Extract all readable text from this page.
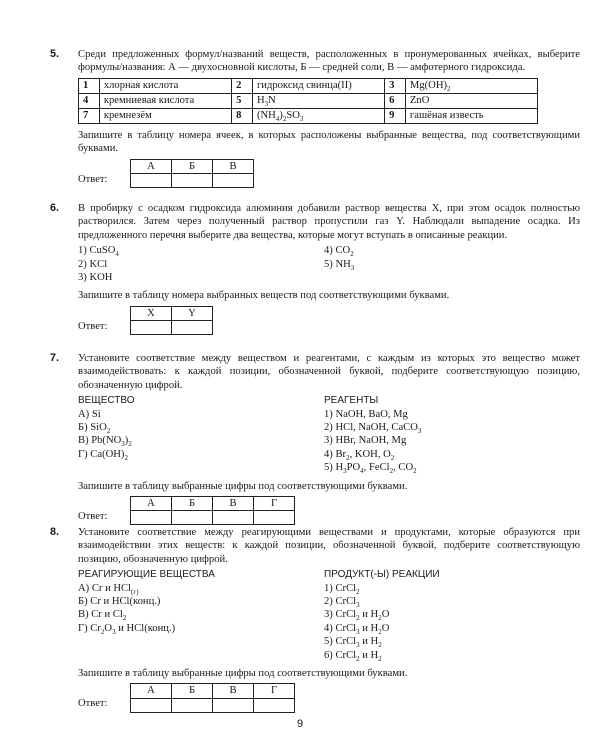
5. Среди предложенных формул/названий веществ, расположенных в пронумерованных ячейках, выберите формулы/названия: А — двухосновной кислоты, Б — средней соли, В — амфотерного гидроксида.

1	хлорная кислота	2	гидроксид свинца(II)	3	$Mg(OH)_2$
4	кремниевая кислота	5	$H_3N$	6	ZnO
7	кремнезём	8	$(NH_4)_2SO_3$	9	гашёная известь

Запишите в таблицу номера ячеек, в которых расположены выбранные вещества, под соответствующими буквами.

Ответ:
А	Б	В

6. В пробирку с осадком гидроксида алюминия добавили раствор вещества X, при этом осадок полностью растворился. Затем через полученный раствор пропустили газ Y. Наблюдали выпадение осадка. Из предложенного перечня выберите два вещества, которые могут вступать в описанные реакции.

1) CuSO$_4$
2) KCl
3) KOH
4) $CO_2$
5) $NH_3$

Запишите в таблицу номера выбранных веществ под соответствующими буквами.

Ответ:
X	Y

7. Установите соответствие между веществом и реагентами, с каждым из которых это вещество может взаимодействовать: к каждой позиции, обозначенной буквой, подберите соответствующую позицию, обозначенную цифрой.

ВЕЩЕСТВО
А) Si
Б) SiO$_2$
В) $Pb(NO_3)_2$
Г) $Ca(OH)_2$
РЕАГЕНТЫ
1) NaOH, BaO, Mg
2) HCl, NaOH, CaCO$_3$
3) HBr, NaOH, Mg
4) $Br_2$, KOH, $O_2$
5) $H_3PO_4$, FeCl$_2$, $CO_2$

Запишите в таблицу выбранные цифры под соответствующими буквами.

Ответ:
А	Б	В	Г

8. Установите соответствие между реагирующими веществами и продуктами, которые образуются при взаимодействии этих веществ: к каждой позиции, обозначенной буквой, подберите соответствующую позицию, обозначенную цифрой.

РЕАГИРУЮЩИЕ ВЕЩЕСТВА
А) Cr и HCl$_{(г)}$
Б) Cr и HCl(конц.)
В) Cr и $Cl_2$
Г) $Cr_2O_3$ и HCl(конц.)
ПРОДУКТ(-Ы) РЕАКЦИИ
1) CrCl$_2$
2) CrCl$_3$
3) CrCl$_2$ и $H_2O$
4) CrCl$_3$ и $H_2O$
5) CrCl$_3$ и $H_2$
6) CrCl$_2$ и $H_2$

Запишите в таблицу выбранные цифры под соответствующими буквами.

Ответ:
А	Б	В	Г

9
